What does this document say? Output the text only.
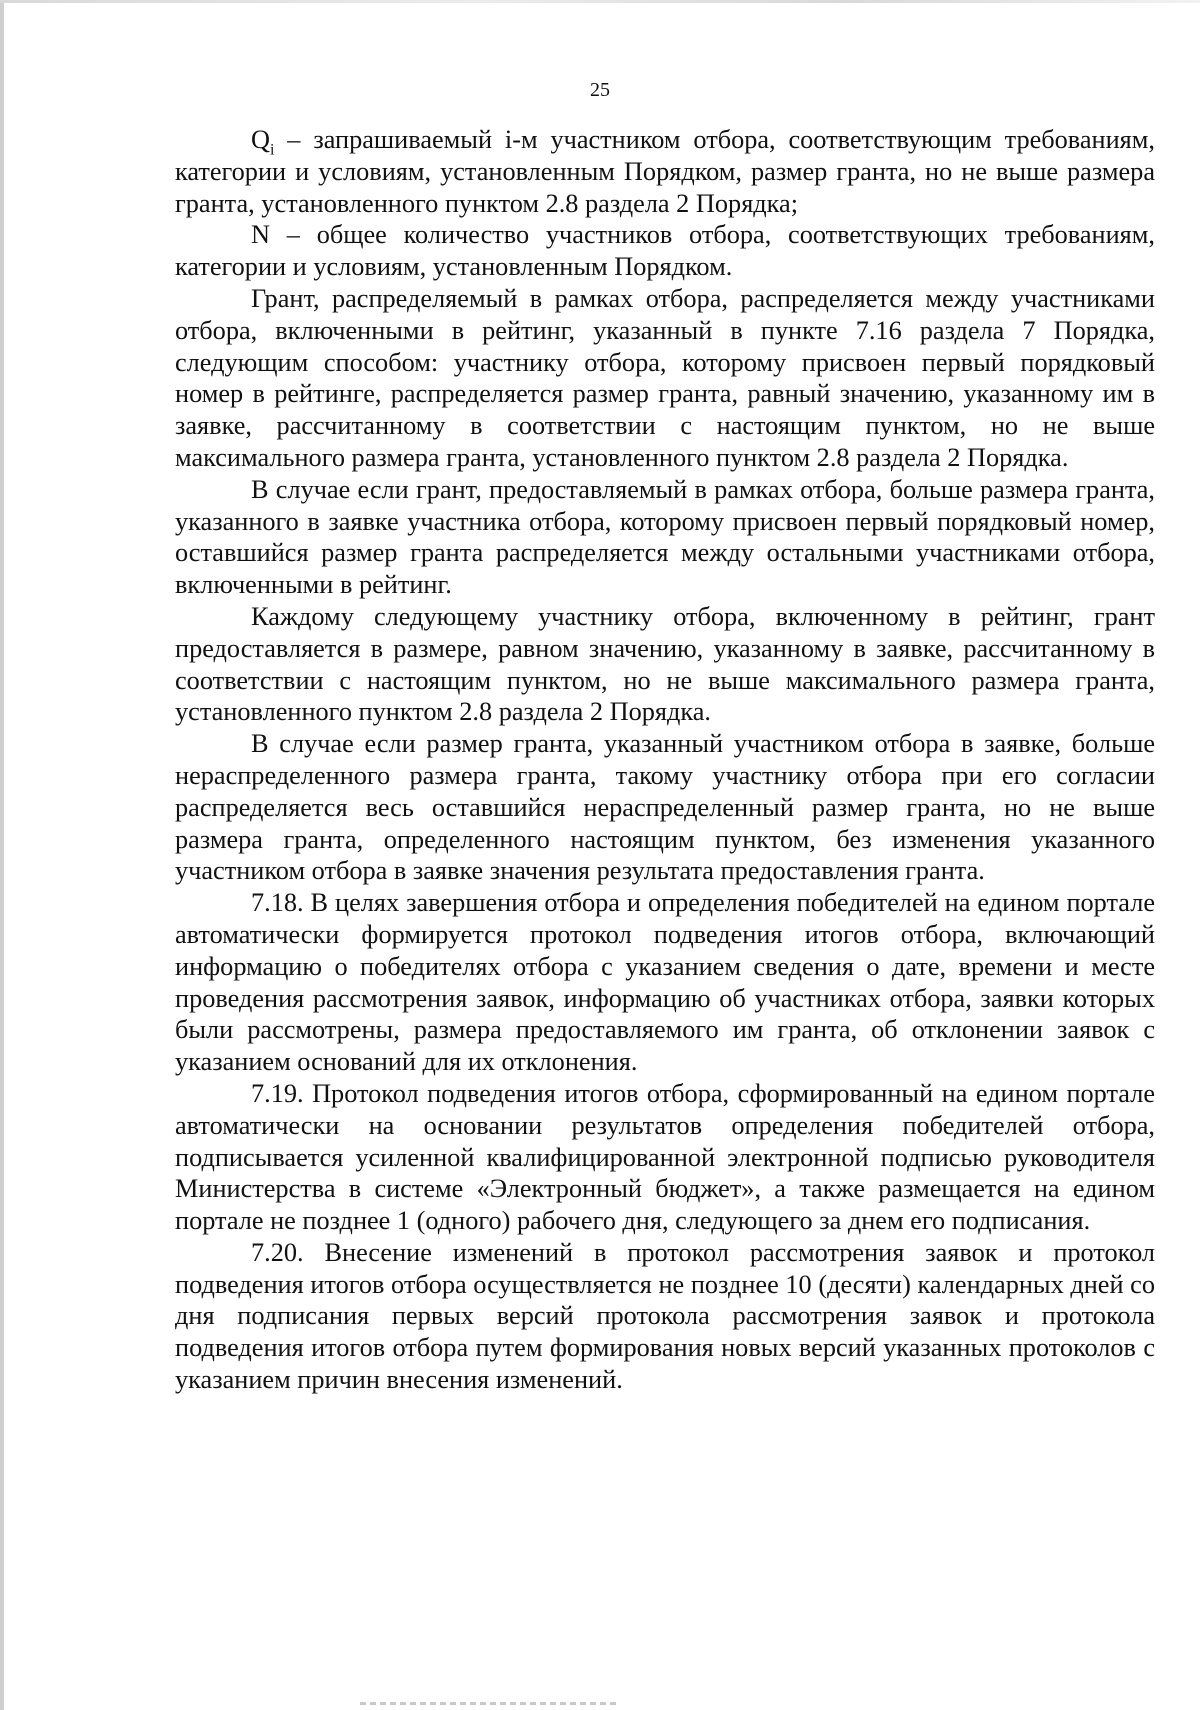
25

$Q_i$ – запрашиваемый i-м участником отбора, соответствующим требованиям, категории и условиям, установленным Порядком, размер гранта, но не выше размера гранта, установленного пунктом 2.8 раздела 2 Порядка;

N – общее количество участников отбора, соответствующих требованиям, категории и условиям, установленным Порядком.

Грант, распределяемый в рамках отбора, распределяется между участниками отбора, включенными в рейтинг, указанный в пункте 7.16 раздела 7 Порядка, следующим способом: участнику отбора, которому присвоен первый порядковый номер в рейтинге, распределяется размер гранта, равный значению, указанному им в заявке, рассчитанному в соответствии с настоящим пунктом, но не выше максимального размера гранта, установленного пунктом 2.8 раздела 2 Порядка.

В случае если грант, предоставляемый в рамках отбора, больше размера гранта, указанного в заявке участника отбора, которому присвоен первый порядковый номер, оставшийся размер гранта распределяется между остальными участниками отбора, включенными в рейтинг.

Каждому следующему участнику отбора, включенному в рейтинг, грант предоставляется в размере, равном значению, указанному в заявке, рассчитанному в соответствии с настоящим пунктом, но не выше максимального размера гранта, установленного пунктом 2.8 раздела 2 Порядка.

В случае если размер гранта, указанный участником отбора в заявке, больше нераспределенного размера гранта, такому участнику отбора при его согласии распределяется весь оставшийся нераспределенный размер гранта, но не выше размера гранта, определенного настоящим пунктом, без изменения указанного участником отбора в заявке значения результата предоставления гранта.

7.18. В целях завершения отбора и определения победителей на едином портале автоматически формируется протокол подведения итогов отбора, включающий информацию о победителях отбора с указанием сведения о дате, времени и месте проведения рассмотрения заявок, информацию об участниках отбора, заявки которых были рассмотрены, размера предоставляемого им гранта, об отклонении заявок с указанием оснований для их отклонения.

7.19. Протокол подведения итогов отбора, сформированный на едином портале автоматически на основании результатов определения победителей отбора, подписывается усиленной квалифицированной электронной подписью руководителя Министерства в системе «Электронный бюджет», а также размещается на едином портале не позднее 1 (одного) рабочего дня, следующего за днем его подписания.

7.20. Внесение изменений в протокол рассмотрения заявок и протокол подведения итогов отбора осуществляется не позднее 10 (десяти) календарных дней со дня подписания первых версий протокола рассмотрения заявок и протокола подведения итогов отбора путем формирования новых версий указанных протоколов с указанием причин внесения изменений.
